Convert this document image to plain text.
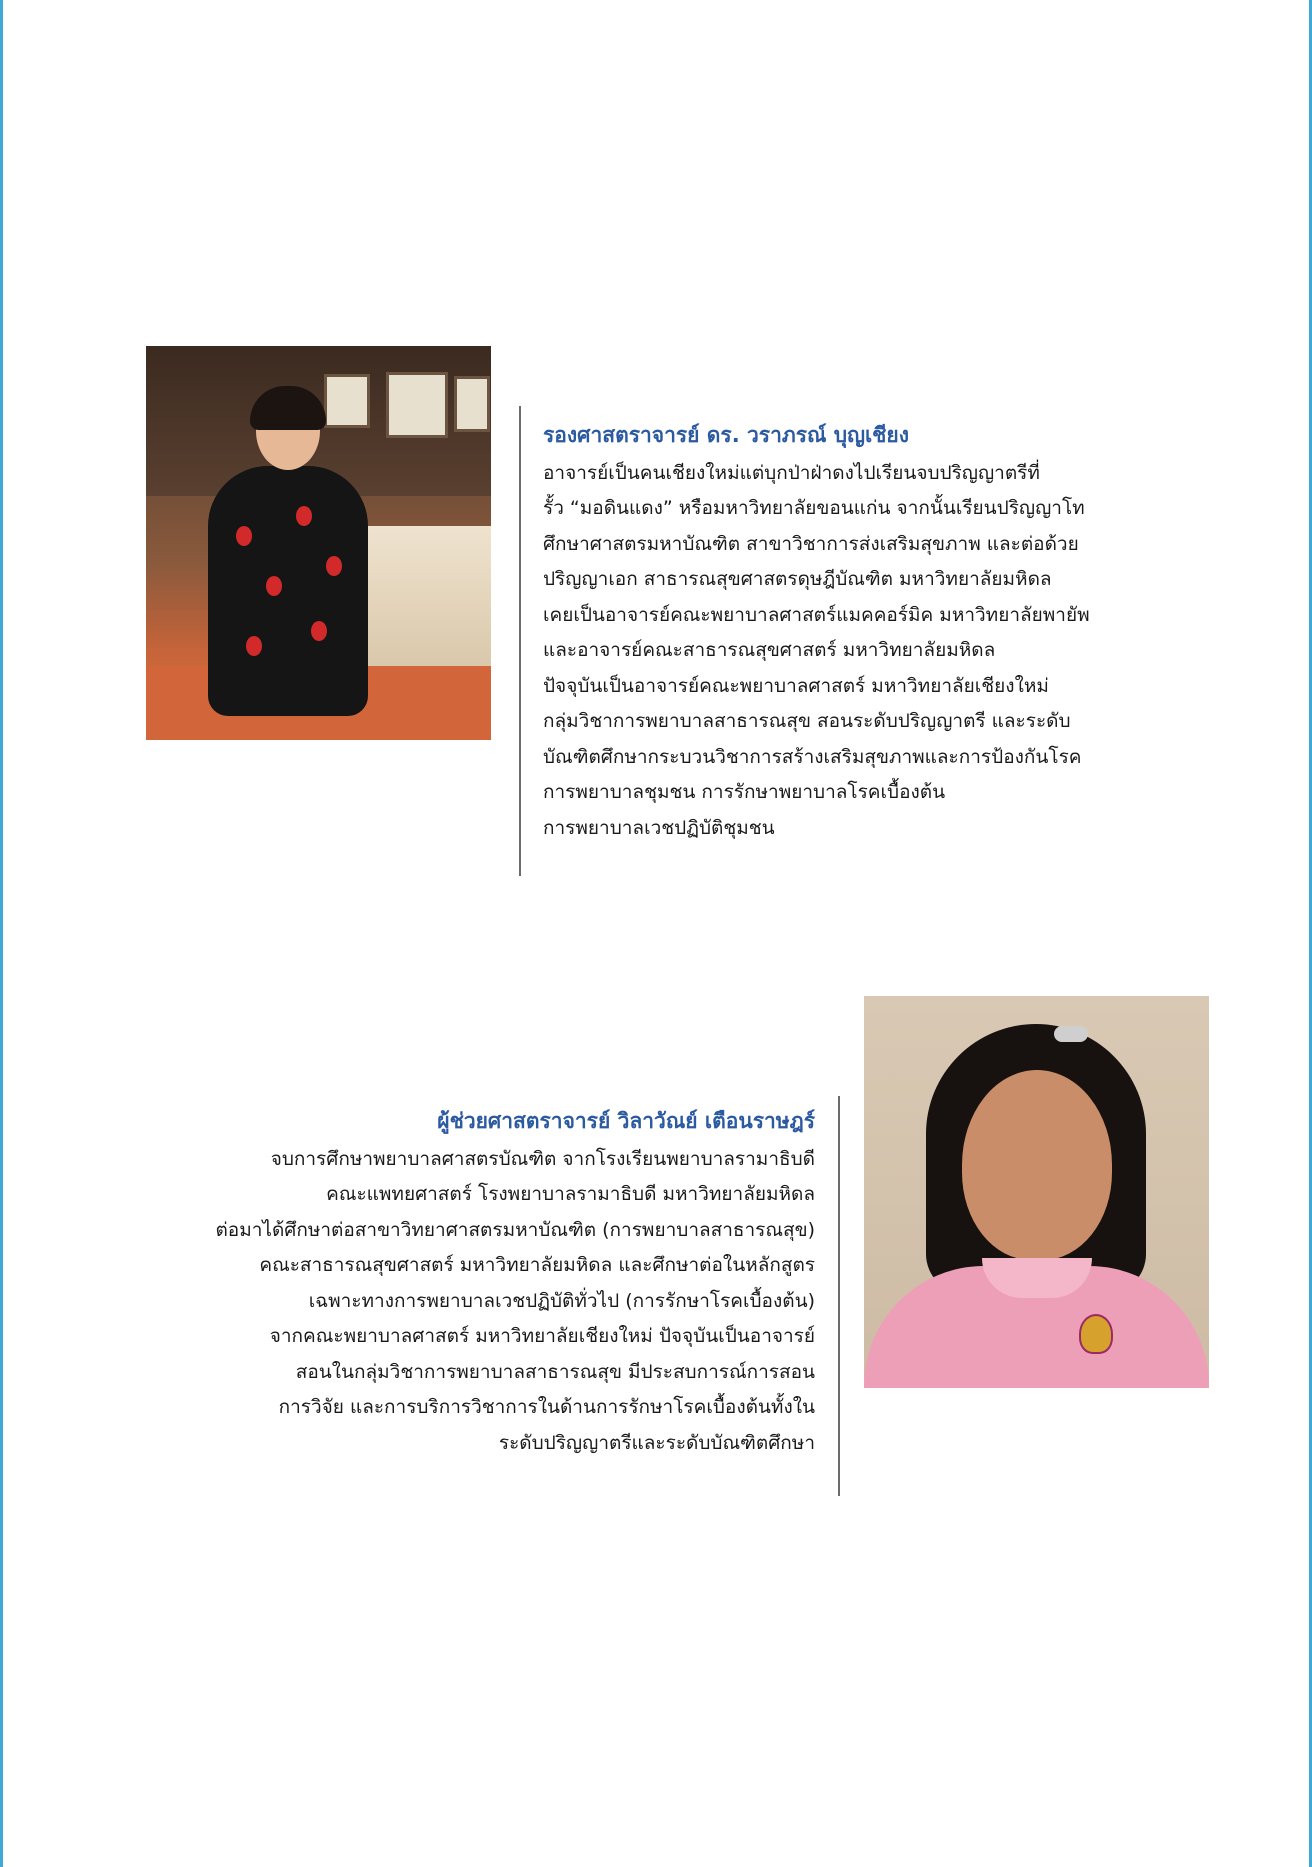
รองศาสตราจารย์ ดร. วราภรณ์ บุญเชียง
อาจารย์เป็นคนเชียงใหม่แต่บุกป่าฝ่าดงไปเรียนจบปริญญาตรีที่
รั้ว “มอดินแดง” หรือมหาวิทยาลัยขอนแก่น จากนั้นเรียนปริญญาโท
ศึกษาศาสตรมหาบัณฑิต สาขาวิชาการส่งเสริมสุขภาพ และต่อด้วย
ปริญญาเอก สาธารณสุขศาสตรดุษฎีบัณฑิต มหาวิทยาลัยมหิดล
เคยเป็นอาจารย์คณะพยาบาลศาสตร์แมคคอร์มิค มหาวิทยาลัยพายัพ
และอาจารย์คณะสาธารณสุขศาสตร์ มหาวิทยาลัยมหิดล
ปัจจุบันเป็นอาจารย์คณะพยาบาลศาสตร์ มหาวิทยาลัยเชียงใหม่
กลุ่มวิชาการพยาบาลสาธารณสุข สอนระดับปริญญาตรี และระดับ
บัณฑิตศึกษากระบวนวิชาการสร้างเสริมสุขภาพและการป้องกันโรค
การพยาบาลชุมชน การรักษาพยาบาลโรคเบื้องต้น
การพยาบาลเวชปฏิบัติชุมชน
ผู้ช่วยศาสตราจารย์ วิลาวัณย์ เตือนราษฎร์
จบการศึกษาพยาบาลศาสตรบัณฑิต จากโรงเรียนพยาบาลรามาธิบดี
คณะแพทยศาสตร์ โรงพยาบาลรามาธิบดี มหาวิทยาลัยมหิดล
ต่อมาได้ศึกษาต่อสาขาวิทยาศาสตรมหาบัณฑิต (การพยาบาลสาธารณสุข)
คณะสาธารณสุขศาสตร์ มหาวิทยาลัยมหิดล และศึกษาต่อในหลักสูตร
เฉพาะทางการพยาบาลเวชปฏิบัติทั่วไป (การรักษาโรคเบื้องต้น)
จากคณะพยาบาลศาสตร์ มหาวิทยาลัยเชียงใหม่ ปัจจุบันเป็นอาจารย์
สอนในกลุ่มวิชาการพยาบาลสาธารณสุข มีประสบการณ์การสอน
การวิจัย และการบริการวิชาการในด้านการรักษาโรคเบื้องต้นทั้งใน
ระดับปริญญาตรีและระดับบัณฑิตศึกษา
